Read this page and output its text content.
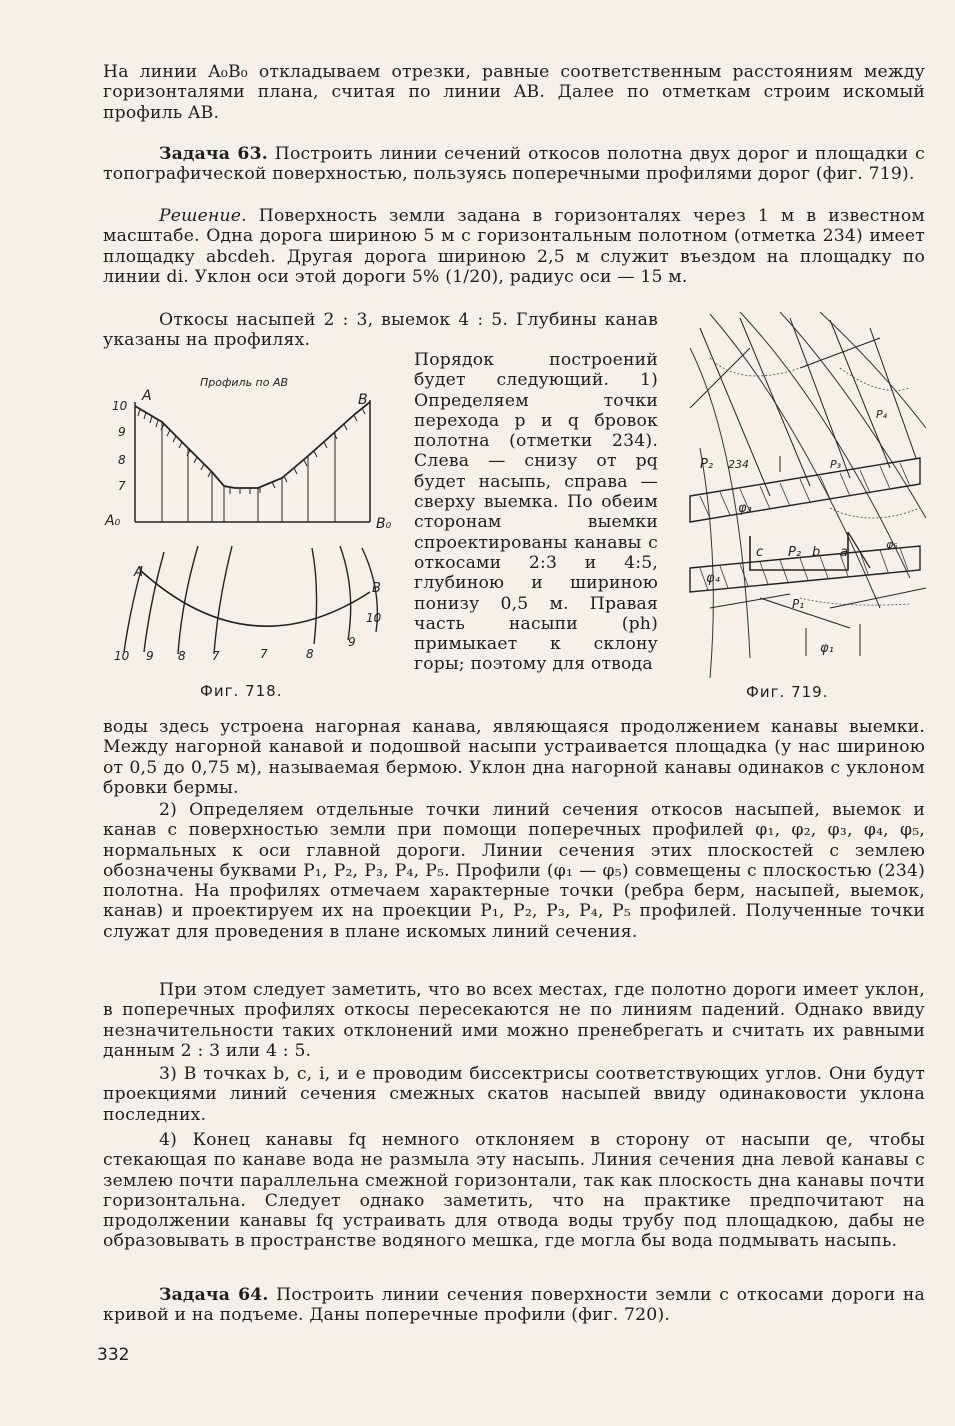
На линии A₀B₀ откладываем отрезки, равные соответственным расстояниям между горизонталями плана, считая по линии AB. Далее по отметкам строим искомый профиль AB.

Задача 63. Построить линии сечений откосов полотна двух дорог и площадки с топографической поверхностью, пользуясь поперечными профилями дорог (фиг. 719).

Решение. Поверхность земли задана в горизонталях через 1 м в известном масштабе. Одна дорога шириною 5 м с горизонтальным полотном (отметка 234) имеет площадку abcdeh. Другая дорога шириною 2,5 м служит въездом на площадку по линии di. Уклон оси этой дороги 5% (1/20), радиус оси — 15 м.

Откосы насыпей 2 : 3, выемок 4 : 5. Глубины канав указаны на профилях.

Порядок построений будет следующий. 1) Определяем точки перехода p и q бровок полотна (отметки 234). Слева — снизу от pq будет насыпь, справа — сверху выемка. По обеим сторонам выемки спроектированы канавы с откосами 2:3 и 4:5, глубиною и шириною понизу 0,5 м. Правая часть насыпи (ph) примыкает к склону горы; поэтому для отвода

Профиль по AB
A	B
10
9
8
7
A₀	B₀
A
B
10 9 8 7	7	8
9
10
Фиг. 718.
P₂ 234
φ₃
c P₂ b a
φ₄
P₁
φ₁
φ₅
P₃
P₄
Фиг. 719.

воды здесь устроена нагорная канава, являющаяся продолжением канавы выемки. Между нагорной канавой и подошвой насыпи устраивается площадка (у нас шириною от 0,5 до 0,75 м), называемая бермою. Уклон дна нагорной канавы одинаков с уклоном бровки бермы.

2) Определяем отдельные точки линий сечения откосов насыпей, выемок и канав с поверхностью земли при помощи поперечных профилей φ₁, φ₂, φ₃, φ₄, φ₅, нормальных к оси главной дороги. Линии сечения этих плоскостей с землею обозначены буквами P₁, P₂, P₃, P₄, P₅. Профили (φ₁ — φ₅) совмещены с плоскостью (234) полотна. На профилях отмечаем характерные точки (ребра берм, насыпей, выемок, канав) и проектируем их на проекции P₁, P₂, P₃, P₄, P₅ профилей. Полученные точки служат для проведения в плане искомых линий сечения.

При этом следует заметить, что во всех местах, где полотно дороги имеет уклон, в поперечных профилях откосы пересекаются не по линиям падений. Однако ввиду незначительности таких отклонений ими можно пренебрегать и считать их равными данным 2 : 3 или 4 : 5.

3) В точках b, c, i, и e проводим биссектрисы соответствующих углов. Они будут проекциями линий сечения смежных скатов насыпей ввиду одинаковости уклона последних.

4) Конец канавы fq немного отклоняем в сторону от насыпи qe, чтобы стекающая по канаве вода не размыла эту насыпь. Линия сечения дна левой канавы с землею почти параллельна смежной горизонтали, так как плоскость дна канавы почти горизонтальна. Следует однако заметить, что на практике предпочитают на продолжении канавы fq устраивать для отвода воды трубу под площадкою, дабы не образовывать в пространстве водяного мешка, где могла бы вода подмывать насыпь.

Задача 64. Построить линии сечения поверхности земли с откосами дороги на кривой и на подъеме. Даны поперечные профили (фиг. 720).

332
